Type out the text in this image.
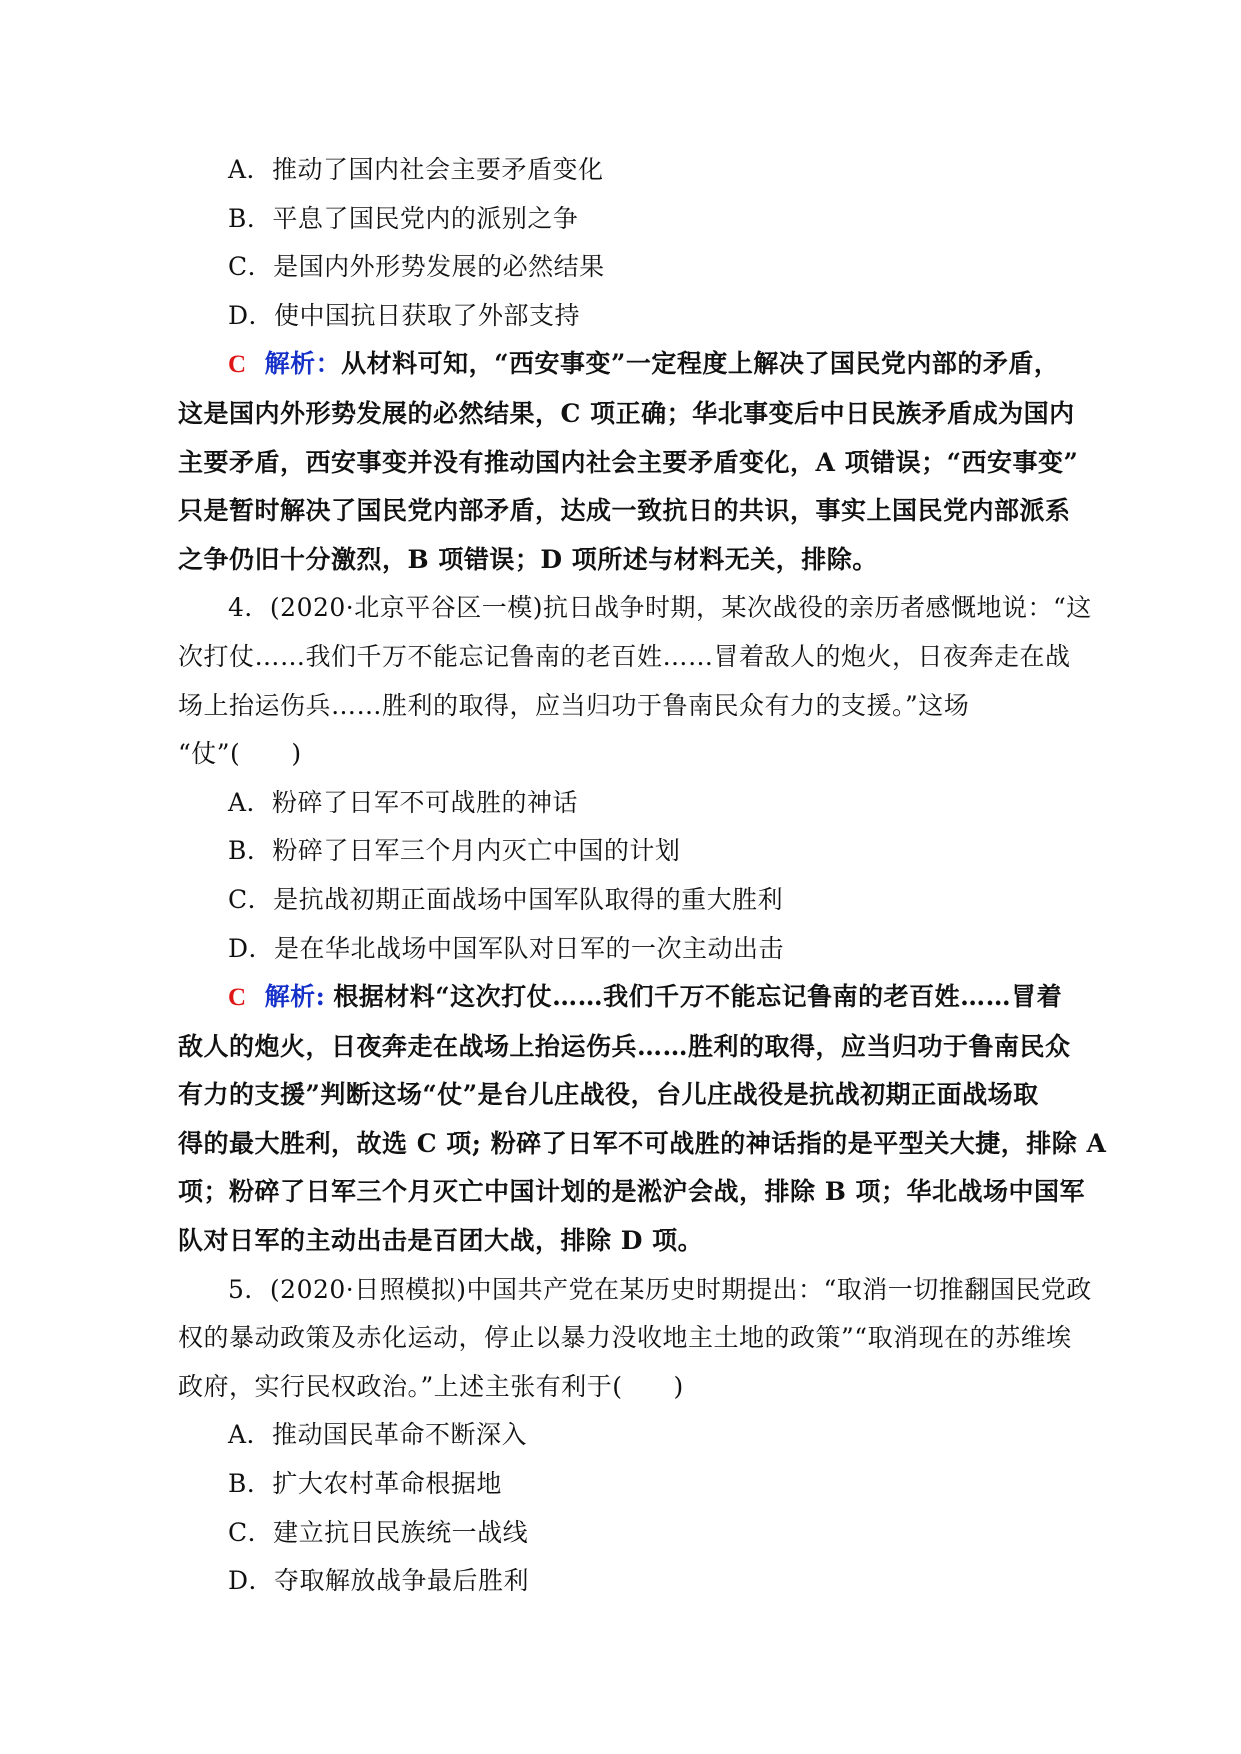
A．推动了国内社会主要矛盾变化
B．平息了国民党内的派别之争
C．是国内外形势发展的必然结果
D．使中国抗日获取了外部支持
C 解析：从材料可知，“西安事变”一定程度上解决了国民党内部的矛盾，
这是国内外形势发展的必然结果，C 项正确；华北事变后中日民族矛盾成为国内
主要矛盾，西安事变并没有推动国内社会主要矛盾变化，A 项错误；“西安事变”
只是暂时解决了国民党内部矛盾，达成一致抗日的共识，事实上国民党内部派系
之争仍旧十分激烈，B 项错误；D 项所述与材料无关，排除。
4．(2020·北京平谷区一模)抗日战争时期，某次战役的亲历者感慨地说：“这
次打仗……我们千万不能忘记鲁南的老百姓……冒着敌人的炮火，日夜奔走在战
场上抬运伤兵……胜利的取得，应当归功于鲁南民众有力的支援。”这场
“仗”(　　)
A．粉碎了日军不可战胜的神话
B．粉碎了日军三个月内灭亡中国的计划
C．是抗战初期正面战场中国军队取得的重大胜利
D．是在华北战场中国军队对日军的一次主动出击
C 解析: 根据材料“这次打仗……我们千万不能忘记鲁南的老百姓……冒着
敌人的炮火，日夜奔走在战场上抬运伤兵……胜利的取得，应当归功于鲁南民众
有力的支援”判断这场“仗”是台儿庄战役，台儿庄战役是抗战初期正面战场取
得的最大胜利，故选 C 项; 粉碎了日军不可战胜的神话指的是平型关大捷，排除 A
项；粉碎了日军三个月灭亡中国计划的是淞沪会战，排除 B 项；华北战场中国军
队对日军的主动出击是百团大战，排除 D 项。
5．(2020·日照模拟)中国共产党在某历史时期提出：“取消一切推翻国民党政
权的暴动政策及赤化运动，停止以暴力没收地主土地的政策”“取消现在的苏维埃
政府，实行民权政治。”上述主张有利于(　　)
A．推动国民革命不断深入
B．扩大农村革命根据地
C．建立抗日民族统一战线
D．夺取解放战争最后胜利
